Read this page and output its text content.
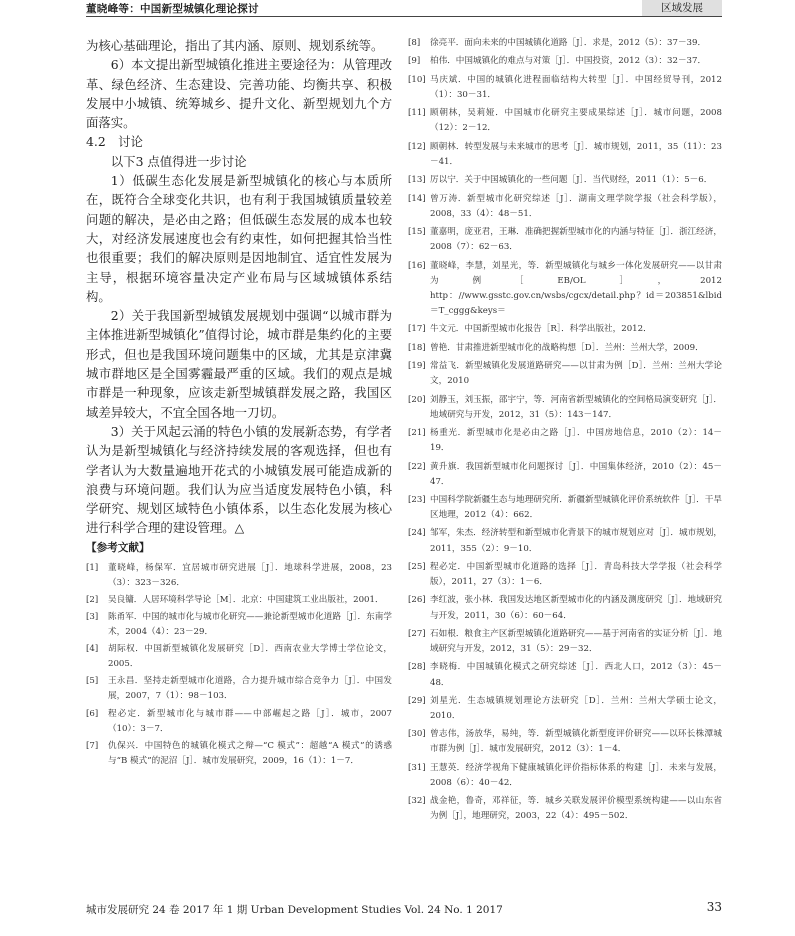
董晓峰等：中国新型城镇化理论探讨	区域发展

为核心基础理论，指出了其内涵、原则、规划系统等。

6）本文提出新型城镇化推进主要途径为：从管理改革、绿色经济、生态建设、完善功能、均衡共享、积极发展中小城镇、统筹城乡、提升文化、新型规划九个方面落实。

4.2　讨论

以下3 点值得进一步讨论

1）低碳生态化发展是新型城镇化的核心与本质所在，既符合全球变化共识，也有利于我国城镇质量较差问题的解决，是必由之路；但低碳生态发展的成本也较大，对经济发展速度也会有约束性，如何把握其恰当性也很重要；我们的解决原则是因地制宜、适宜性发展为主导，根据环境容量决定产业布局与区域城镇体系结构。

2）关于我国新型城镇发展规划中强调“以城市群为主体推进新型城镇化”值得讨论，城市群是集约化的主要形式，但也是我国环境问题集中的区域，尤其是京津冀城市群地区是全国雾霾最严重的区域。我们的观点是城市群是一种现象，应该走新型城镇群发展之路，我国区域差异较大，不宜全国各地一刀切。

3）关于风起云涌的特色小镇的发展新态势，有学者认为是新型城镇化与经济持续发展的客观选择，但也有学者认为大数量遍地开花式的小城镇发展可能造成新的浪费与环境问题。我们认为应当适度发展特色小镇，科学研究、规划区域特色小镇体系，以生态化发展为核心进行科学合理的建设管理。△

【参考文献】
[1]	董晓峰，杨保军．宜居城市研究进展［J］．地球科学进展，2008，23（3）：323－326．
[2]	吴良镛．人居环境科学导论［M］．北京：中国建筑工业出版社，2001．
[3]	陈甬军．中国的城市化与城市化研究——兼论新型城市化道路［J］．东南学术，2004（4）：23－29．
[4]	胡际权．中国新型城镇化发展研究［D］．西南农业大学博士学位论文，2005．
[5]	王永昌．坚持走新型城市化道路，合力提升城市综合竞争力［J］．中国发展，2007，7（1）：98－103．
[6]	程必定．新型城市化与城市群——中部崛起之路［J］．城市，2007（10）：3－7．
[7]	仇保兴．中国特色的城镇化模式之辩—“C 模式”：超越“A 模式”的诱惑与“B 模式”的泥沼［J］．城市发展研究，2009，16（1）：1－7．
[8]	徐亮平．面向未来的中国城镇化道路［J］．求是，2012（5）：37－39．
[9]	柏伟．中国城镇化的难点与对策［J］．中国投资，2012（3）：32－37．
[10] 马庆斌．中国的城镇化进程面临结构大转型［J］．中国经贸导刊，2012（1）：30－31．
[11] 顾朝林，吴莉娅．中国城市化研究主要成果综述［J］．城市问题，2008（12）：2－12．
[12] 顾朝林．转型发展与未来城市的思考［J］．城市规划，2011，35（11）：23－41．
[13] 厉以宁．关于中国城镇化的一些问题［J］．当代财经，2011（1）：5－6．
[14] 曾万涛．新型城市化研究综述［J］．湖南文理学院学报（社会科学版），2008，33（4）：48－51．
[15] 董嘉明，庞亚君，王琳．准确把握新型城市化的内涵与特征［J］．浙江经济，2008（7）：62－63．
[16] 董晓峰，李慧，刘星光，等．新型城镇化与城乡一体化发展研究——以甘肃为例［EB/OL］，2012 http：//www.gsstc.gov.cn/wsbs/cgcx/detail.php？id＝203851&lbid＝T_cggg&keys＝
[17] 牛文元．中国新型城市化报告［R］．科学出版社，2012．
[18] 曾艳．甘肃推进新型城市化的战略构想［D］．兰州：兰州大学，2009．
[19] 常益飞．新型城镇化发展道路研究——以甘肃为例［D］．兰州：兰州大学论文，2010
[20] 刘静玉，刘玉振，邵宇宁，等．河南省新型城镇化的空间格局演变研究［J］．地域研究与开发，2012，31（5）：143－147．
[21] 杨重光．新型城市化是必由之路［J］．中国房地信息，2010（2）：14－19．
[22] 黄升旗．我国新型城市化问题探讨［J］．中国集体经济，2010（2）：45－47．
[23] 中国科学院新疆生态与地理研究所．新疆新型城镇化评价系统软件［J］．干旱区地理，2012（4）：662．
[24] 邹军，朱杰．经济转型和新型城市化背景下的城市规划应对［J］．城市规划，2011，355（2）：9－10．
[25] 程必定．中国新型城市化道路的选择［J］．青岛科技大学学报（社会科学版），2011，27（3）：1－6．
[26] 李红波，张小林．我国发达地区新型城市化的内涵及测度研究［J］．地域研究与开发，2011，30（6）：60－64．
[27] 石如根．粮食主产区新型城镇化道路研究——基于河南省的实证分析［J］．地域研究与开发，2012，31（5）：29－32．
[28] 李晓梅．中国城镇化模式之研究综述［J］．西北人口，2012（3）：45－48．
[29] 刘星光．生态城镇规划理论方法研究［D］．兰州：兰州大学硕士论文，2010．
[30] 曾志伟，汤放华，易纯，等．新型城镇化新型度评价研究——以环长株潭城市群为例［J］．城市发展研究，2012（3）：1－4．
[31] 王慧英．经济学视角下健康城镇化评价指标体系的构建［J］．未来与发展，2008（6）：40－42．
[32] 战金艳，鲁奇，邓祥征，等．城乡关联发展评价模型系统构建——以山东省为例［J］，地理研究，2003，22（4）：495－502．
城市发展研究 24 卷 2017 年 1 期 Urban Development Studies Vol. 24 No. 1 2017	33
